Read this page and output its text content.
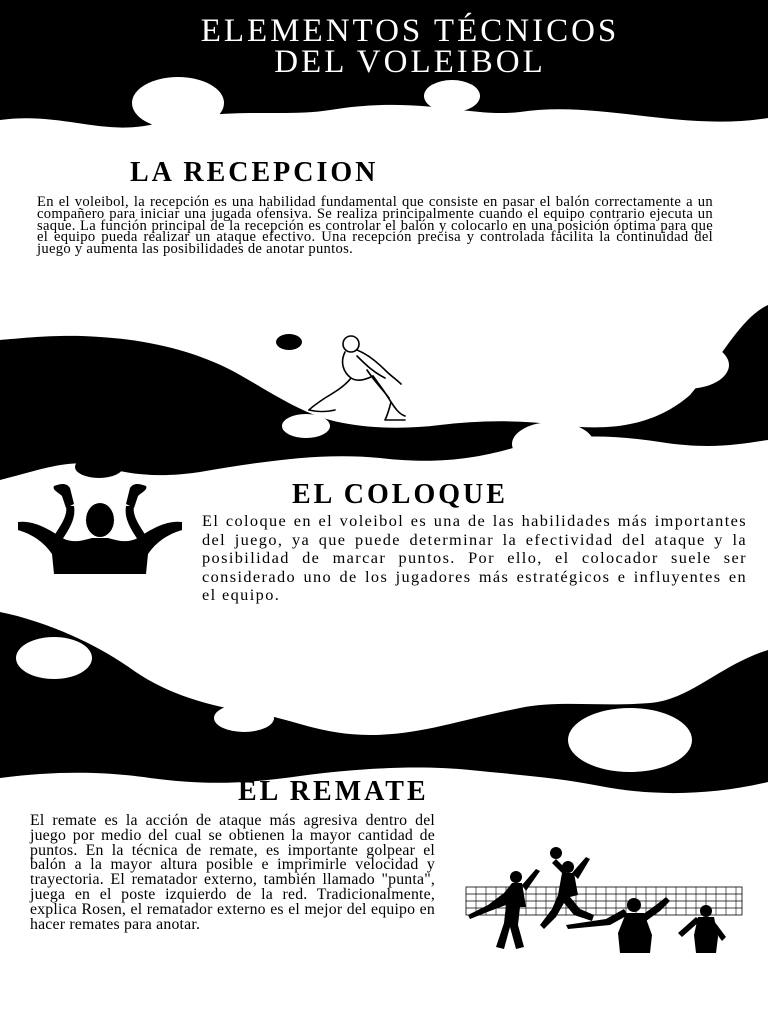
ELEMENTOS TÉCNICOS
DEL VOLEIBOL
LA RECEPCION

En el voleibol, la recepción es una habilidad fundamental que consiste en pasar el balón correctamente a un compañero para iniciar una jugada ofensiva. Se realiza principalmente cuando el equipo contrario ejecuta un saque. La función principal de la recepción es controlar el balón y colocarlo en una posición óptima para que el equipo pueda realizar un ataque efectivo. Una recepción precisa y controlada facilita la continuidad del juego y aumenta las posibilidades de anotar puntos.

EL COLOQUE

El coloque en el voleibol es una de las habilidades más importantes del juego, ya que puede determinar la efectividad del ataque y la posibilidad de marcar puntos. Por ello, el colocador suele ser considerado uno de los jugadores más estratégicos e influyentes en el equipo.

EL REMATE

El remate es la acción de ataque más agresiva dentro del juego por medio del cual se obtienen la mayor cantidad de puntos. En la técnica de remate, es importante golpear el balón a la mayor altura posible e imprimirle velocidad y trayectoria. El rematador externo, también llamado "punta", juega en el poste izquierdo de la red. Tradicionalmente, explica Rosen, el rematador externo es el mejor del equipo en hacer remates para anotar.
